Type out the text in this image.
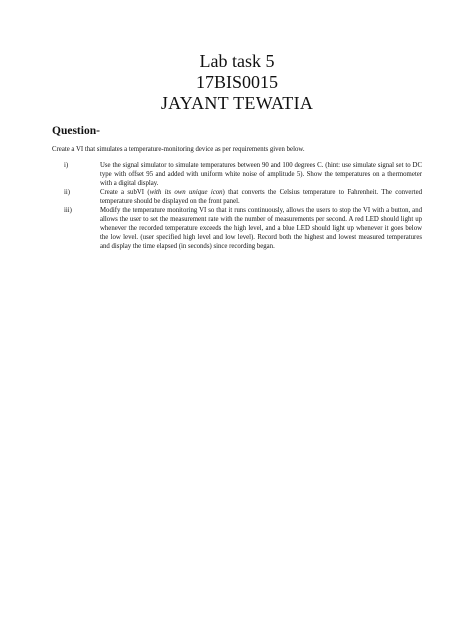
Lab task 5

17BIS0015

JAYANT TEWATIA

Question-

Create a VI that simulates a temperature-monitoring device as per requirements given below.

i)	Use the signal simulator to simulate temperatures between 90 and 100 degrees C. (hint: use simulate signal set to DC type with offset 95 and added with uniform white noise of amplitude 5). Show the temperatures on a thermometer with a digital display.
ii)	Create a subVI (with its own unique icon) that converts the Celsius temperature to Fahrenheit. The converted temperature should be displayed on the front panel.
iii)	Modify the temperature monitoring VI so that it runs continuously, allows the users to stop the VI with a button, and allows the user to set the measurement rate with the number of measurements per second. A red LED should light up whenever the recorded temperature exceeds the high level, and a blue LED should light up whenever it goes below the low level. (user specified high level and low level). Record both the highest and lowest measured temperatures and display the time elapsed (in seconds) since recording began.
